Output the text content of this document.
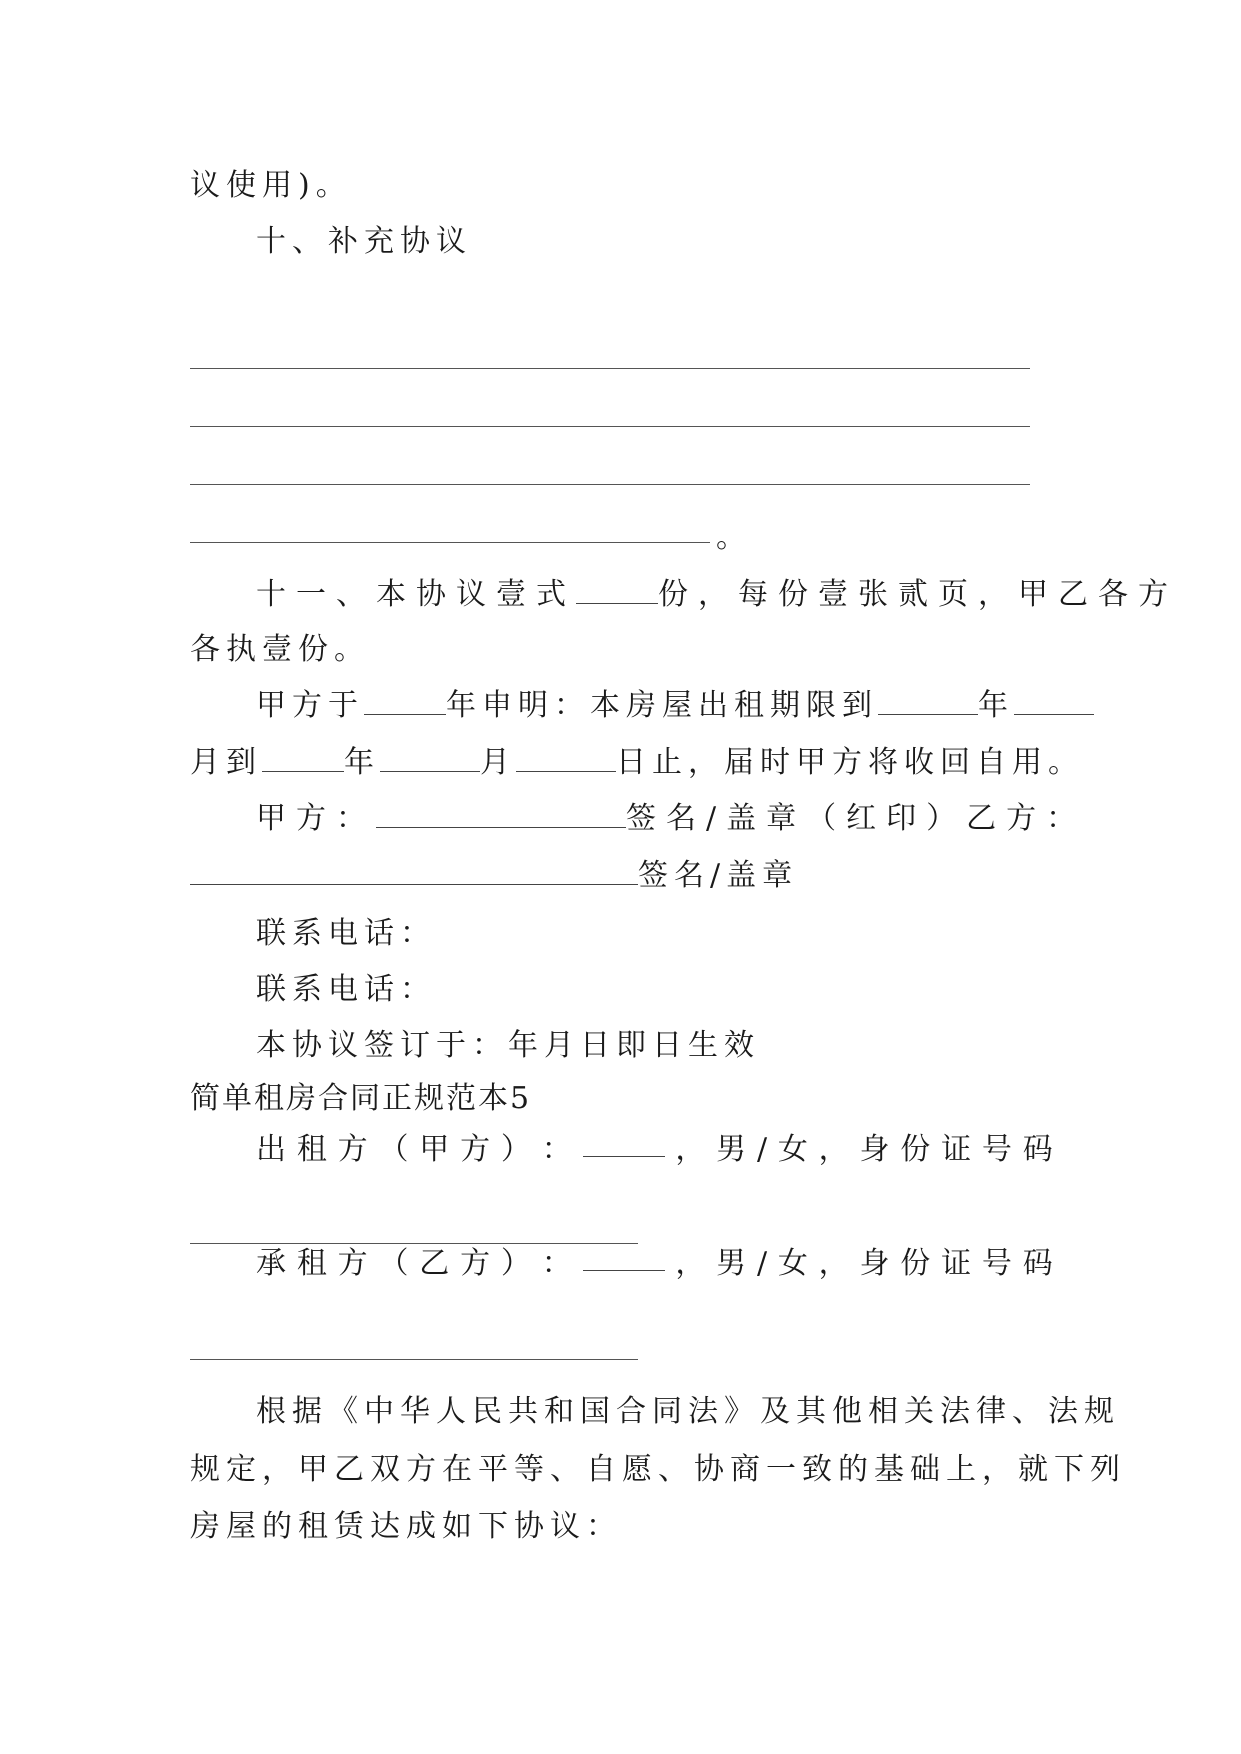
议使用)。
十、补充协议
。
十一、本协议壹式	份，每份壹张贰页，甲乙各方
各执壹份。
甲方于	年申明：本房屋出租期限到	年
月到	年	月	日止，届时甲方将收回自用。
甲方：	签名/盖章（红印）乙方：
签名/盖章
联系电话：
联系电话：
本协议签订于：年月日即日生效
简单租房合同正规范本5
出 租 方 （ 甲 方 ） ：	， 男 / 女 ， 身 份 证 号 码
承 租 方 （ 乙 方 ） ：	， 男 / 女 ， 身 份 证 号 码
根据《中华人民共和国合同法》及其他相关法律、法规
规定，甲乙双方在平等、自愿、协商一致的基础上，就下列
房屋的租赁达成如下协议：
